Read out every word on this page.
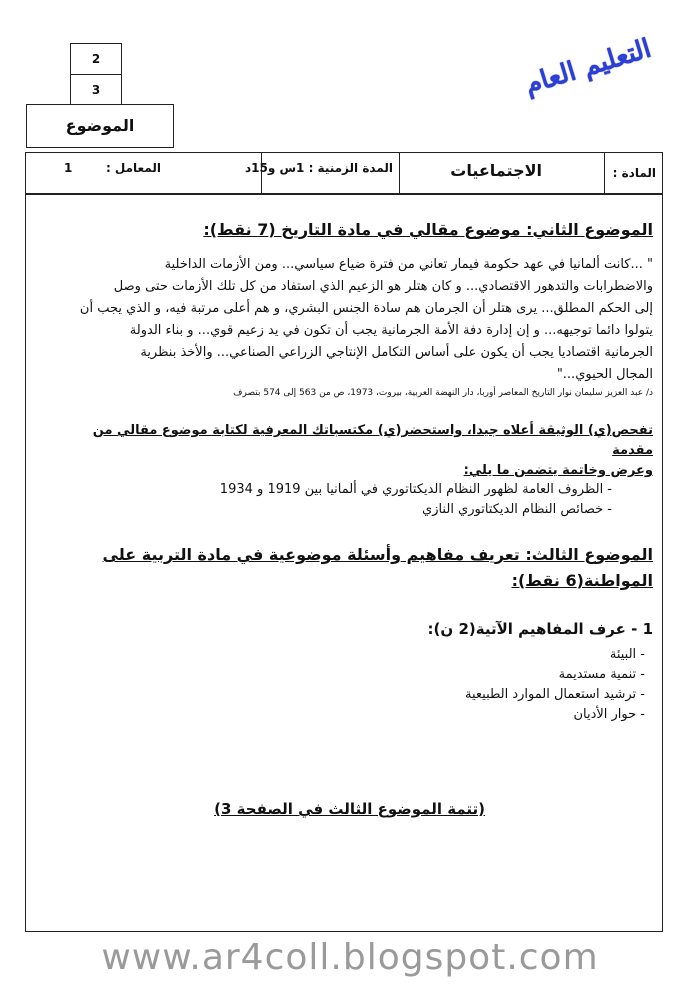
2
3
الموضوع
التعليم العام
المادة :
الاجتماعيات
المدة الزمنية : 1س و15د
المعامل :
1
الموضوع الثاني: موضوع مقالي في مادة التاريخ (7 نقط):
" ...كانت ألمانيا في عهد حكومة فيمار تعاني من فترة ضياع سياسي... ومن الأزمات الداخلية
والاضطرابات والتدهور الاقتصادي... و كان هتلر هو الزعيم الذي استفاد من كل تلك الأزمات حتى وصل
إلى الحكم المطلق... يرى هتلر أن الجرمان هم سادة الجنس البشري، و هم أعلى مرتبة فيه، و الذي يجب أن
يتولوا دائما توجيهه... و إن إدارة دفة الأمة الجرمانية يجب أن تكون في يد زعيم قوي... و بناء الدولة
الجرمانية اقتصاديا يجب أن يكون على أساس التكامل الإنتاجي الزراعي الصناعي... والأخذ بنظرية
المجال الحيوي..."
د/ عبد العزيز سليمان نوار التاريخ المعاصر أوربا، دار النهضة العربية، بيروت، 1973، ص من 563 إلى 574 بتصرف
تفحص(ي) الوثيقة أعلاه جيدا، واستحضر(ي) مكتسباتك المعرفية لكتابة موضوع مقالي من مقدمة
وعرض وخاتمة يتضمن ما يلي:
- الظروف العامة لظهور النظام الديكتاتوري في ألمانيا بين 1919 و 1934
- خصائص النظام الديكتاتوري النازي
الموضوع الثالث: تعريف مفاهيم وأسئلة موضوعية في مادة التربية على
المواطنة(6 نقط):
1 - عرف المفاهيم الآتية(2 ن):
- البيئة
- تنمية مستديمة
- ترشيد استعمال الموارد الطبيعية
- حوار الأديان
(تتمة الموضوع الثالث في الصفحة 3)
www.ar4coll.blogspot.com
